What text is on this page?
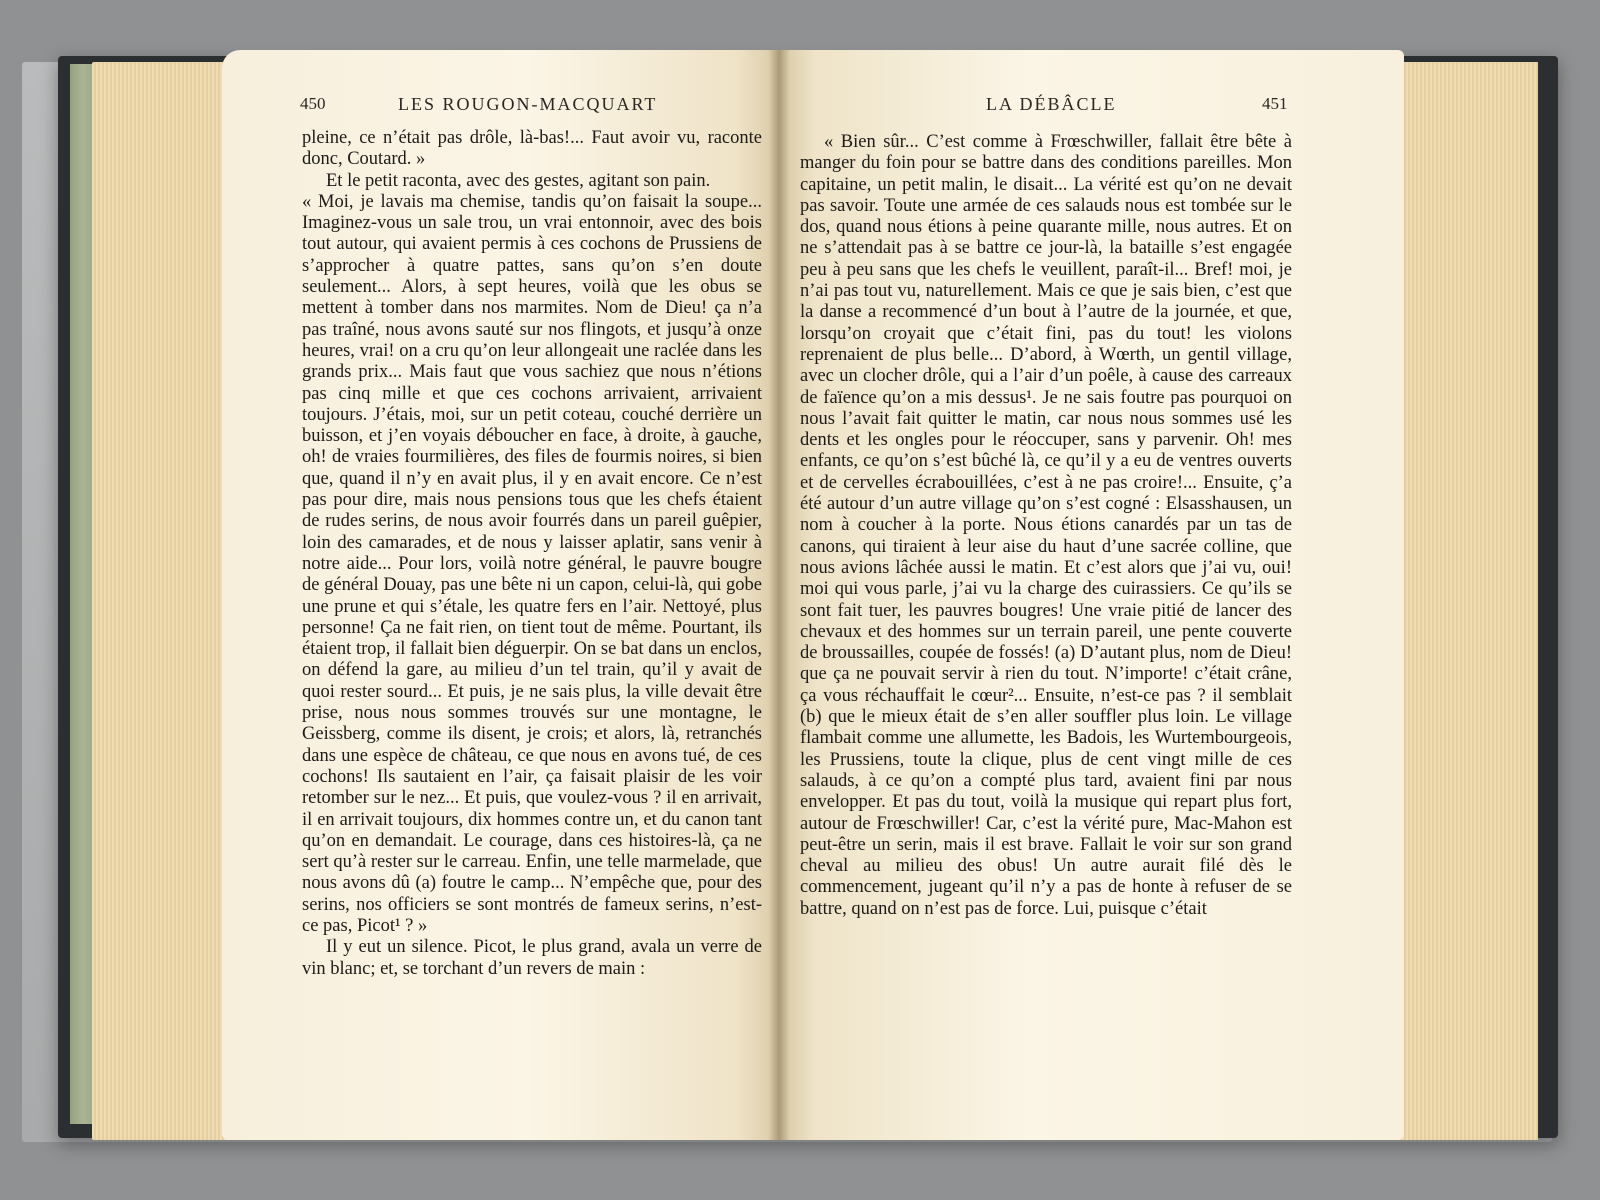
450	LES ROUGON-MACQUART	LA DÉBÂCLE	451

pleine, ce n’était pas drôle, là-bas!... Faut avoir vu, raconte donc, Coutard. »

Et le petit raconta, avec des gestes, agitant son pain.

« Moi, je lavais ma chemise, tandis qu’on faisait la soupe... Imaginez-vous un sale trou, un vrai entonnoir, avec des bois tout autour, qui avaient permis à ces cochons de Prussiens de s’approcher à quatre pattes, sans qu’on s’en doute seulement... Alors, à sept heures, voilà que les obus se mettent à tomber dans nos marmites. Nom de Dieu! ça n’a pas traîné, nous avons sauté sur nos flingots, et jusqu’à onze heures, vrai! on a cru qu’on leur allongeait une raclée dans les grands prix... Mais faut que vous sachiez que nous n’étions pas cinq mille et que ces cochons arrivaient, arrivaient toujours. J’étais, moi, sur un petit coteau, couché derrière un buisson, et j’en voyais déboucher en face, à droite, à gauche, oh! de vraies fourmilières, des files de fourmis noires, si bien que, quand il n’y en avait plus, il y en avait encore. Ce n’est pas pour dire, mais nous pensions tous que les chefs étaient de rudes serins, de nous avoir fourrés dans un pareil guêpier, loin des camarades, et de nous y laisser aplatir, sans venir à notre aide... Pour lors, voilà notre général, le pauvre bougre de général Douay, pas une bête ni un capon, celui-là, qui gobe une prune et qui s’étale, les quatre fers en l’air. Nettoyé, plus personne! Ça ne fait rien, on tient tout de même. Pourtant, ils étaient trop, il fallait bien déguerpir. On se bat dans un enclos, on défend la gare, au milieu d’un tel train, qu’il y avait de quoi rester sourd... Et puis, je ne sais plus, la ville devait être prise, nous nous sommes trouvés sur une montagne, le Geissberg, comme ils disent, je crois; et alors, là, retranchés dans une espèce de château, ce que nous en avons tué, de ces cochons! Ils sautaient en l’air, ça faisait plaisir de les voir retomber sur le nez... Et puis, que voulez-vous ? il en arrivait, il en arrivait toujours, dix hommes contre un, et du canon tant qu’on en demandait. Le courage, dans ces histoires-là, ça ne sert qu’à rester sur le carreau. Enfin, une telle marmelade, que nous avons dû (a) foutre le camp... N’empêche que, pour des serins, nos officiers se sont montrés de fameux serins, n’est-ce pas, Picot¹ ? »

Il y eut un silence. Picot, le plus grand, avala un verre de vin blanc; et, se torchant d’un revers de main :

« Bien sûr... C’est comme à Frœschwiller, fallait être bête à manger du foin pour se battre dans des conditions pareilles. Mon capitaine, un petit malin, le disait... La vérité est qu’on ne devait pas savoir. Toute une armée de ces salauds nous est tombée sur le dos, quand nous étions à peine quarante mille, nous autres. Et on ne s’attendait pas à se battre ce jour-là, la bataille s’est engagée peu à peu sans que les chefs le veuillent, paraît-il... Bref! moi, je n’ai pas tout vu, naturellement. Mais ce que je sais bien, c’est que la danse a recommencé d’un bout à l’autre de la journée, et que, lorsqu’on croyait que c’était fini, pas du tout! les violons reprenaient de plus belle... D’abord, à Wœrth, un gentil village, avec un clocher drôle, qui a l’air d’un poêle, à cause des carreaux de faïence qu’on a mis dessus¹. Je ne sais foutre pas pourquoi on nous l’avait fait quitter le matin, car nous nous sommes usé les dents et les ongles pour le réoccuper, sans y parvenir. Oh! mes enfants, ce qu’on s’est bûché là, ce qu’il y a eu de ventres ouverts et de cervelles écrabouillées, c’est à ne pas croire!... Ensuite, ç’a été autour d’un autre village qu’on s’est cogné : Elsasshausen, un nom à coucher à la porte. Nous étions canardés par un tas de canons, qui tiraient à leur aise du haut d’une sacrée colline, que nous avions lâchée aussi le matin. Et c’est alors que j’ai vu, oui! moi qui vous parle, j’ai vu la charge des cuirassiers. Ce qu’ils se sont fait tuer, les pauvres bougres! Une vraie pitié de lancer des chevaux et des hommes sur un terrain pareil, une pente couverte de broussailles, coupée de fossés! (a) D’autant plus, nom de Dieu! que ça ne pouvait servir à rien du tout. N’importe! c’était crâne, ça vous réchauffait le cœur²... Ensuite, n’est-ce pas ? il semblait (b) que le mieux était de s’en aller souffler plus loin. Le village flambait comme une allumette, les Badois, les Wurtembourgeois, les Prussiens, toute la clique, plus de cent vingt mille de ces salauds, à ce qu’on a compté plus tard, avaient fini par nous envelopper. Et pas du tout, voilà la musique qui repart plus fort, autour de Frœschwiller! Car, c’est la vérité pure, Mac-Mahon est peut-être un serin, mais il est brave. Fallait le voir sur son grand cheval au milieu des obus! Un autre aurait filé dès le commencement, jugeant qu’il n’y a pas de honte à refuser de se battre, quand on n’est pas de force. Lui, puisque c’était
